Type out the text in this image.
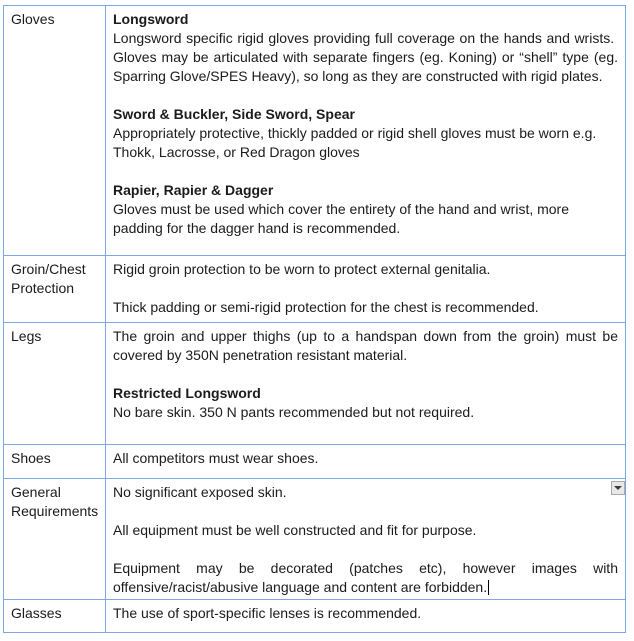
Gloves	Longsword

Longsword specific rigid gloves providing full coverage on the hands and wrists.  Gloves may be articulated with separate fingers (eg. Koning) or “shell” type (eg. Sparring Glove/SPES Heavy), so long as they are constructed with rigid plates.

Sword & Buckler, Side Sword, Spear

Appropriately protective, thickly padded or rigid shell gloves must be worn e.g. Thokk, Lacrosse, or Red Dragon gloves

Rapier, Rapier & Dagger

Gloves must be used which cover the entirety of the hand and wrist, more padding for the dagger hand is recommended.

Groin/Chest Protection	Rigid groin protection to be worn to protect external genitalia.

Thick padding or semi-rigid protection for the chest is recommended.

Legs	The groin and upper thighs (up to a handspan down from the groin) must be covered by 350N penetration resistant material.

Restricted Longsword

No bare skin. 350 N pants recommended but not required.

Shoes	All competitors must wear shoes.

General Requirements	No significant exposed skin.

All equipment must be well constructed and fit for purpose.

Equipment may be decorated (patches etc), however images with offensive/racist/abusive language and content are forbidden.

Glasses	The use of sport-specific lenses is recommended.
